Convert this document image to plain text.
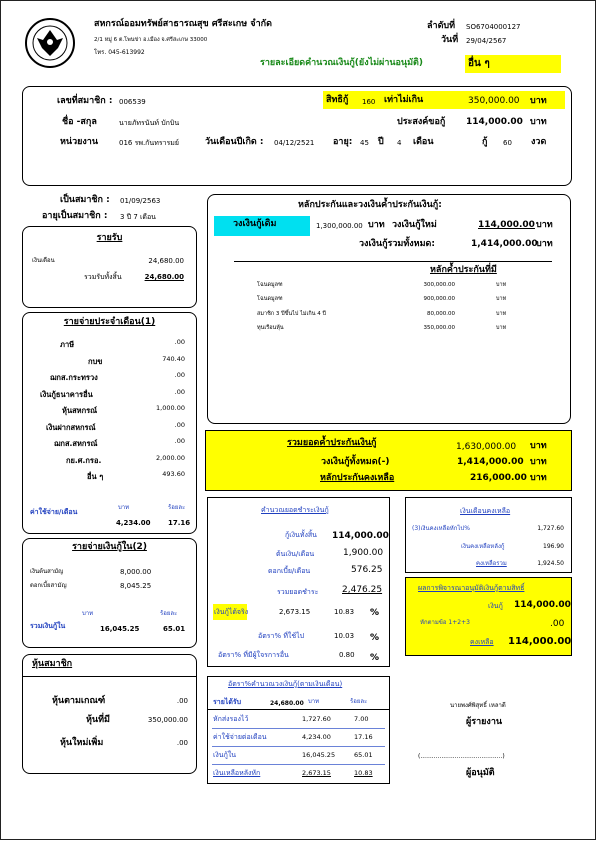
สหกรณ์ออมทรัพย์สาธารณสุข ศรีสะเกษ จำกัด
2/1 หมู่ 6 ต.โพนข่า อ.เมือง จ.ศรีสะเกษ 33000
โทร. 045-613992
ลำดับที่ SO6704000127
วันที่ 29/04/2567
รายละเอียดคำนวณเงินกู้(ยังไม่ผ่านอนุมัติ)	อื่น ๆ
เลขที่สมาชิก : 006539	สิทธิกู้ 160 เท่าไม่เกิน	350,000.00 บาท
ชื่อ -สกุล	นายภัทรนันท์ บักบิน	ประสงค์ขอกู้ 114,000.00 บาท
หน่วยงาน	016 รพ.กันทรารมย์	วันเดือนปีเกิด : 04/12/2521 อายุ: 45 ปี 4 เดือน	กู้ 60 งวด
เป็นสมาชิก : 01/09/2563
อายุเป็นสมาชิก : 3 ปี 7 เดือน
รายรับ
เงินเดือน	24,680.00
รวมรับทั้งสิ้น	24,680.00
รายจ่ายประจำเดือน(1)
ภาษี	.00
กบข	740.40
ฌกส.กระทรวง	.00
เงินกู้ธนาคารอื่น	.00
หุ้นสหกรณ์	1,000.00
เงินฝากสหกรณ์	.00
ฌกส.สหกรณ์	.00
กย.ศ.กรอ.	2,000.00
อื่น ๆ	493.60
ค่าใช้จ่าย/เดือน
บาท	ร้อยละ
4,234.00 17.16
รายจ่ายเงินกู้ใน(2)
เงินต้นสามัญ	8,000.00
ดอกเบี้ยสามัญ	8,045.25
บาท	ร้อยละ
รวมเงินกู้ใน	16,045.25	65.01
หุ้นสมาชิก
หุ้นตามเกณฑ์	.00
หุ้นที่มี	350,000.00
หุ้นใหม่เพิ่ม	.00
หลักประกันและวงเงินค้ำประกันเงินกู้:
วงเงินกู้เดิม	1,300,000.00 บาท วงเงินกู้ใหม่	114,000.00 บาท
วงเงินกู้รวมทั้งหมด:	1,414,000.00
บาท
หลักค้ำประกันที่มี
โฉนดมูลฑ	300,000.00	บาท
โฉนดมูลฑ	900,000.00	บาท
สมาชิก 3 ปีขึ้นไป ไม่เกิน 4 ปี	80,000.00	บาท
ทุนเรือนหุ้น	350,000.00	บาท
รวมยอดค้ำประกันเงินกู้	1,630,000.00 บาท
วงเงินกู้ทั้งหมด(-)	1,414,000.00 บาท
หลักประกันคงเหลือ	216,000.00 บาท
คำนวณยอดชำระเงินกู้
กู้เงินทั้งสิ้น 114,000.00
ต้นเงิน/เดือน	1,900.00
ดอกเบี้ย/เดือน	576.25
รวมยอดชำระ	2,476.25
เงินกู้ได้จริง	2,673.15	10.83 %
อัตรา% ที่ใช้ไป	10.03 %
อัตรา% ที่มีผู้ใจรการอื่น	0.80 %
เงินเดือนคงเหลือ
(3)เงินคงเหลือหักไป%	1,727.60
เงินคงเหลือหลังกู้	196.90
คงเหลือรวม	1,924.50
ผลการพิจารณาอนุมัติเงินกู้ตามสิทธิ์
เงินกู้ 114,000.00
หักตามข้อ 1+2+3	.00
คงเหลือ 114,000.00
อัตรา%คำนวณวงเงินกู้(ตามเงินเดือน)
รายได้รับ	24,680.00 บาท	ร้อยละ
หักส่งรองไว้	1,727.60	7.00
ค่าใช้จ่ายต่อเดือน	4,234.00	17.16
เงินกู้ใน	16,045.25	65.01
เงินเหลือหลังหัก	2,673.15	10.83
นายพงศ์พิสุทธิ์ เหลาดี
ผู้รายงาน
(...........................................)
ผู้อนุมัติ
